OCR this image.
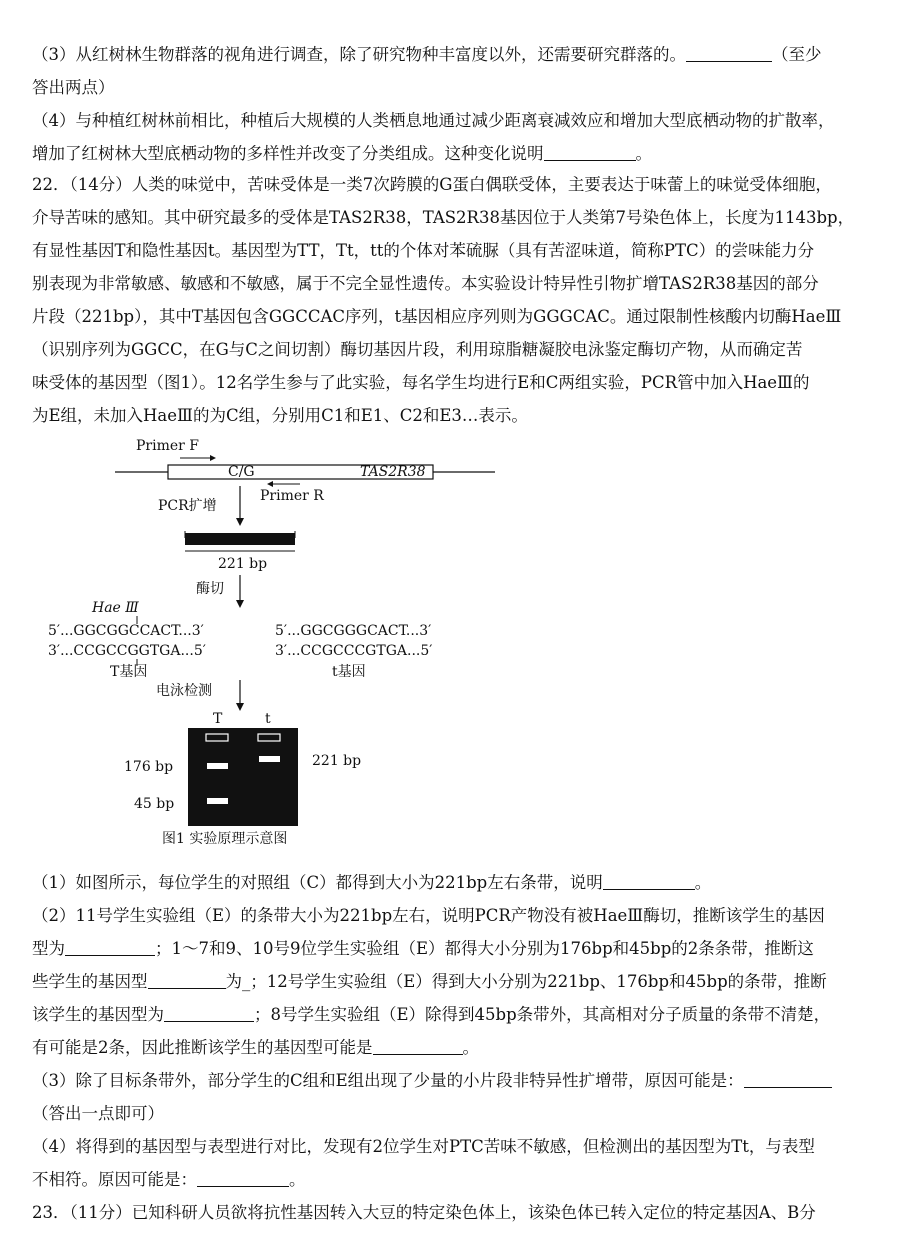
（3）从红树林生物群落的视角进行调查，除了研究物种丰富度以外，还需要研究群落的。	（至少
答出两点）
（4）与种植红树林前相比，种植后大规模的人类栖息地通过减少距离衰减效应和增加大型底栖动物的扩散率，
增加了红树林大型底栖动物的多样性并改变了分类组成。这种变化说明	。
22．（14分）人类的味觉中，苦味受体是一类7次跨膜的G蛋白偶联受体，主要表达于味蕾上的味觉受体细胞，
介导苦味的感知。其中研究最多的受体是TAS2R38，TAS2R38基因位于人类第7号染色体上，长度为1143bp，
有显性基因T和隐性基因t。基因型为TT，Tt，tt的个体对苯硫脲（具有苦涩味道，简称PTC）的尝味能力分
别表现为非常敏感、敏感和不敏感，属于不完全显性遗传。本实验设计特异性引物扩增TAS2R38基因的部分
片段（221bp），其中T基因包含GGCCAC序列，t基因相应序列则为GGGCAC。通过限制性核酸内切酶HaeⅢ
（识别序列为GGCC，在G与C之间切割）酶切基因片段，利用琼脂糖凝胶电泳鉴定酶切产物，从而确定苦
味受体的基因型（图1）。12名学生参与了此实验，每名学生均进行E和C两组实验，PCR管中加入HaeⅢ的
为E组，未加入HaeⅢ的为C组，分别用C1和E1、C2和E3…表示。
C/G	TAS2R38
Primer F
Primer R
PCR扩增
221 bp
酶切
Hae Ⅲ
5′...GGCGGCCACT...3′
3′...CCGCCGGTGA...5′
T基因
5′...GGCGGGCACT...3′
3′...CCGCCCGTGA...5′
t基因
电泳检测
T	t
176 bp
45 bp
221 bp
图1 实验原理示意图
（1）如图所示，每位学生的对照组（C）都得到大小为221bp左右条带，说明	。
（2）11号学生实验组（E）的条带大小为221bp左右，说明PCR产物没有被HaeⅢ酶切，推断该学生的基因
型为	；1～7和9、10号9位学生实验组（E）都得大小分别为176bp和45bp的2条条带，推断这
些学生的基因型	为_；12号学生实验组（E）得到大小分别为221bp、176bp和45bp的条带，推断
该学生的基因型为	；8号学生实验组（E）除得到45bp条带外，其高相对分子质量的条带不清楚，
有可能是2条，因此推断该学生的基因型可能是	。
（3）除了目标条带外，部分学生的C组和E组出现了少量的小片段非特异性扩增带，原因可能是：
（答出一点即可）
（4）将得到的基因型与表型进行对比，发现有2位学生对PTC苦味不敏感，但检测出的基因型为Tt，与表型
不相符。原因可能是：	。
23．（11分）已知科研人员欲将抗性基因转入大豆的特定染色体上，该染色体已转入定位的特定基因A、B分
